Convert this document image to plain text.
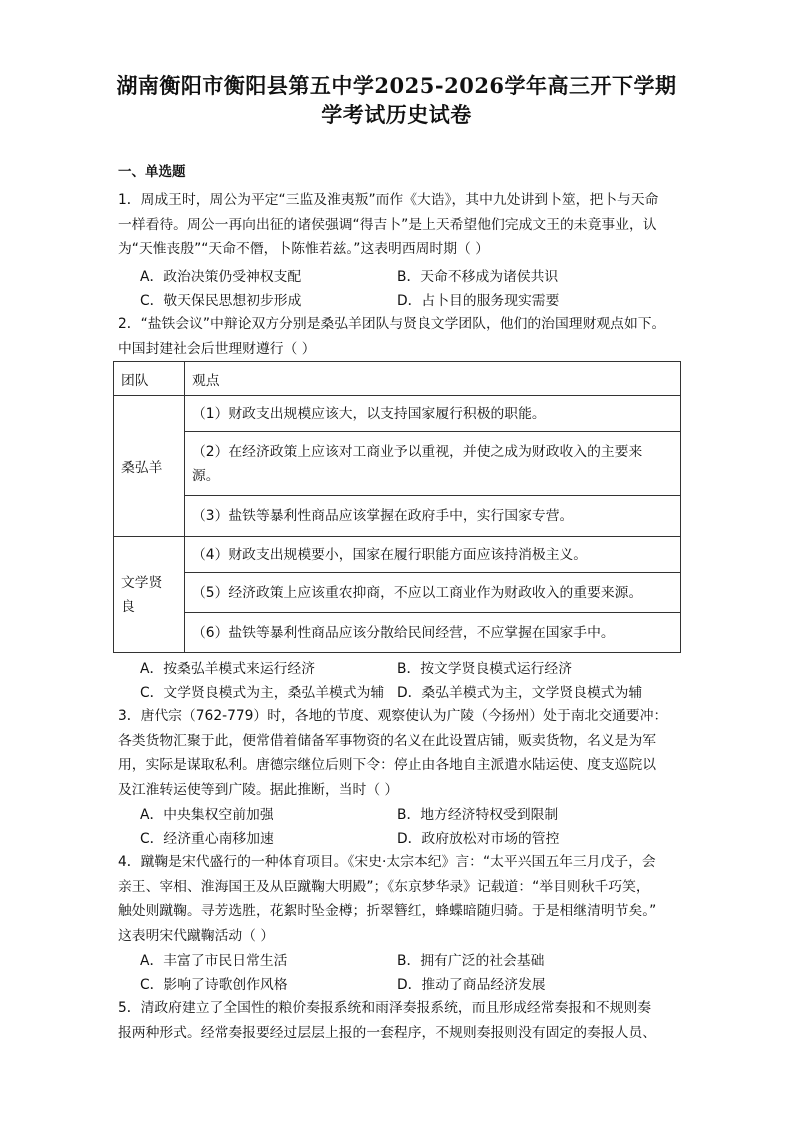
湖南衡阳市衡阳县第五中学2025-2026学年高三开下学期
学考试历史试卷
一、单选题
1．周成王时，周公为平定“三监及淮夷叛”而作《大诰》，其中九处讲到卜筮，把卜与天命
一样看待。周公一再向出征的诸侯强调“得吉卜”是上天希望他们完成文王的未竟事业，认
为“天惟丧殷”“天命不僭，卜陈惟若兹。”这表明西周时期（ ）
A．政治决策仍受神权支配	B．天命不移成为诸侯共识
C．敬天保民思想初步形成	D．占卜目的服务现实需要
2．“盐铁会议”中辩论双方分别是桑弘羊团队与贤良文学团队，他们的治国理财观点如下。
中国封建社会后世理财遵行（ ）
团队	观点
桑弘羊	（1）财政支出规模应该大，以支持国家履行积极的职能。

	（2）在经济政策上应该对工商业予以重视，并使之成为财政收入的主要来
源。

	（3）盐铁等暴利性商品应该掌握在政府手中，实行国家专营。

文学贤
良	（4）财政支出规模要小，国家在履行职能方面应该持消极主义。

	（5）经济政策上应该重农抑商，不应以工商业作为财政收入的重要来源。

	（6）盐铁等暴利性商品应该分散给民间经营，不应掌握在国家手中。
A．按桑弘羊模式来运行经济	B．按文学贤良模式运行经济
C．文学贤良模式为主，桑弘羊模式为辅 D．桑弘羊模式为主，文学贤良模式为辅
3．唐代宗（762-779）时，各地的节度、观察使认为广陵（今扬州）处于南北交通要冲：
各类货物汇聚于此，便常借着储备军事物资的名义在此设置店铺，贩卖货物，名义是为军
用，实际是谋取私利。唐德宗继位后则下令：停止由各地自主派遣水陆运使、度支巡院以
及江淮转运使等到广陵。据此推断，当时（ ）
A．中央集权空前加强	B．地方经济特权受到限制
C．经济重心南移加速	D．政府放松对市场的管控
4．蹴鞠是宋代盛行的一种体育项目。《宋史·太宗本纪》言：“太平兴国五年三月戊子，会
亲王、宰相、淮海国王及从臣蹴鞠大明殿”；《东京梦华录》记载道：“举目则秋千巧笑，
触处则蹴鞠。寻芳选胜，花絮时坠金樽；折翠簪红，蜂蝶暗随归骑。于是相继清明节矣。”
这表明宋代蹴鞠活动（ ）
A．丰富了市民日常生活	B．拥有广泛的社会基础
C．影响了诗歌创作风格	D．推动了商品经济发展
5．清政府建立了全国性的粮价奏报系统和雨泽奏报系统，而且形成经常奏报和不规则奏
报两种形式。经常奏报要经过层层上报的一套程序，不规则奏报则没有固定的奏报人员、
